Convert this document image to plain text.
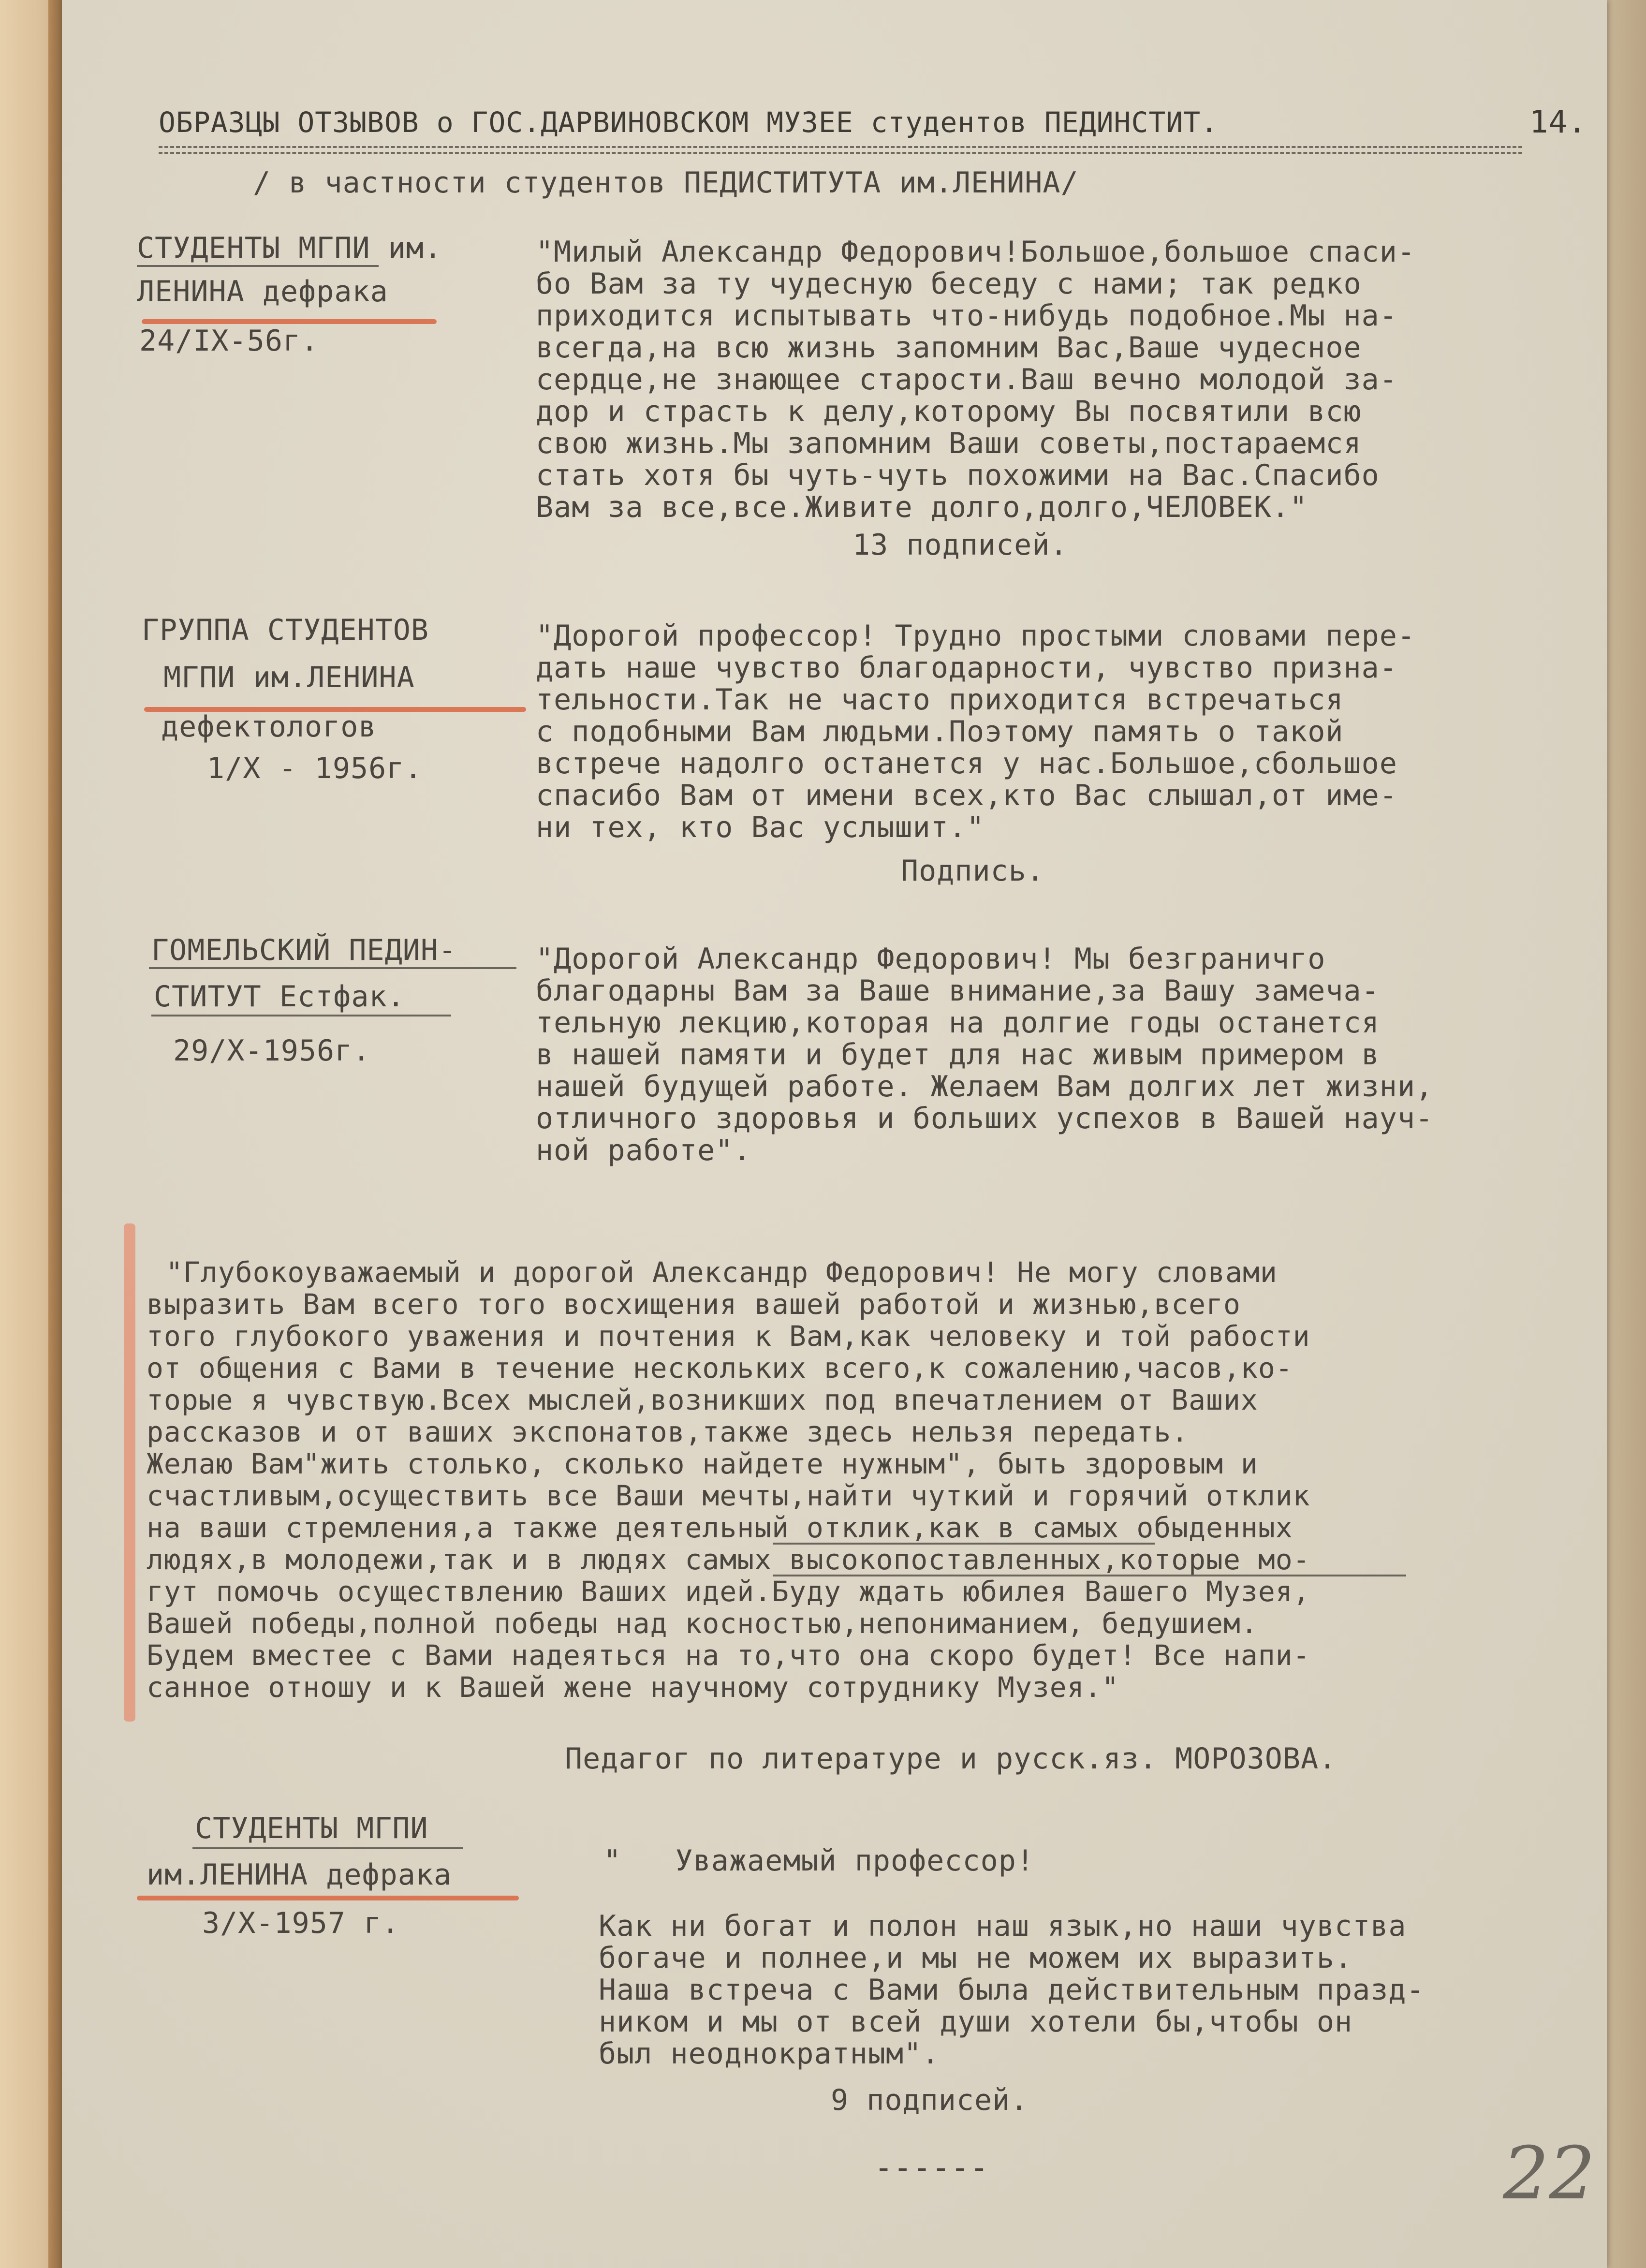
ОБРАЗЦЫ ОТЗЫВОВ о ГОС.ДАРВИНОВСКОМ МУЗЕЕ студентов ПЕДИНСТИТ.	14.
/ в частности студентов ПЕДИСТИТУТА им.ЛЕНИНА/
СТУДЕНТЫ МГПИ им.
ЛЕНИНА дефрака
24/IX-56г.
"Милый Александр Федорович!Большое,большое спаси-
бо Вам за ту чудесную беседу с нами; так редко
приходится испытывать что-нибудь подобное.Мы на-
всегда,на всю жизнь запомним Вас,Ваше чудесное
сердце,не знающее старости.Ваш вечно молодой за-
дор и страсть к делу,которому Вы посвятили всю
свою жизнь.Мы запомним Ваши советы,постараемся
стать хотя бы чуть-чуть похожими на Вас.Спасибо
Вам за все,все.Живите долго,долго,ЧЕЛОВЕК."
13 подписей.
ГРУППА СТУДЕНТОВ
МГПИ им.ЛЕНИНА
дефектологов
1/Х - 1956г.
"Дорогой профессор! Трудно простыми словами пере-
дать наше чувство благодарности, чувство призна-
тельности.Так не часто приходится встречаться
с подобными Вам людьми.Поэтому память о такой
встрече надолго останется у нас.Большое,сбольшое
спасибо Вам от имени всех,кто Вас слышал,от име-
ни тех, кто Вас услышит."
Подпись.
ГОМЕЛЬСКИЙ ПЕДИН-
СТИТУТ Естфак.
29/Х-1956г.
"Дорогой Александр Федорович! Мы безграничго
благодарны Вам за Ваше внимание,за Вашу замеча-
тельную лекцию,которая на долгие годы останется
в нашей памяти и будет для нас живым примером в
нашей будущей работе. Желаем Вам долгих лет жизни,
отличного здоровья и больших успехов в Вашей науч-
ной работе".
"Глубокоуважаемый и дорогой Александр Федорович! Не могу словами
выразить Вам всего того восхищения вашей работой и жизнью,всего
того глубокого уважения и почтения к Вам,как человеку и той рабости
от общения с Вами в течение нескольких всего,к сожалению,часов,ко-
торые я чувствую.Всех мыслей,возникших под впечатлением от Ваших
рассказов и от ваших экспонатов,также здесь нельзя передать.
Желаю Вам"жить столько, сколько найдете нужным", быть здоровым и
счастливым,осуществить все Ваши мечты,найти чуткий и горячий отклик
на ваши стремления,а также деятельный отклик,как в самых обыденных
людях,в молодежи,так и в людях самых высокопоставленных,которые мо-
гут помочь осуществлению Ваших идей.Буду ждать юбилея Вашего Музея,
Вашей победы,полной победы над косностью,непониманием, бедушием.
Будем вместее с Вами надеяться на то,что она скоро будет! Все напи-
санное отношу и к Вашей жене научному сотруднику Музея."
Педагог по литературе и русск.яз. МОРОЗОВА.
СТУДЕНТЫ МГПИ
им.ЛЕНИНА дефрака
3/Х-1957 г.
"   Уважаемый профессор!
Как ни богат и полон наш язык,но наши чувства
богаче и полнее,и мы не можем их выразить.
Наша встреча с Вами была действительным празд-
ником и мы от всей души хотели бы,чтобы он
был неоднократным".
9 подписей.
------	22
